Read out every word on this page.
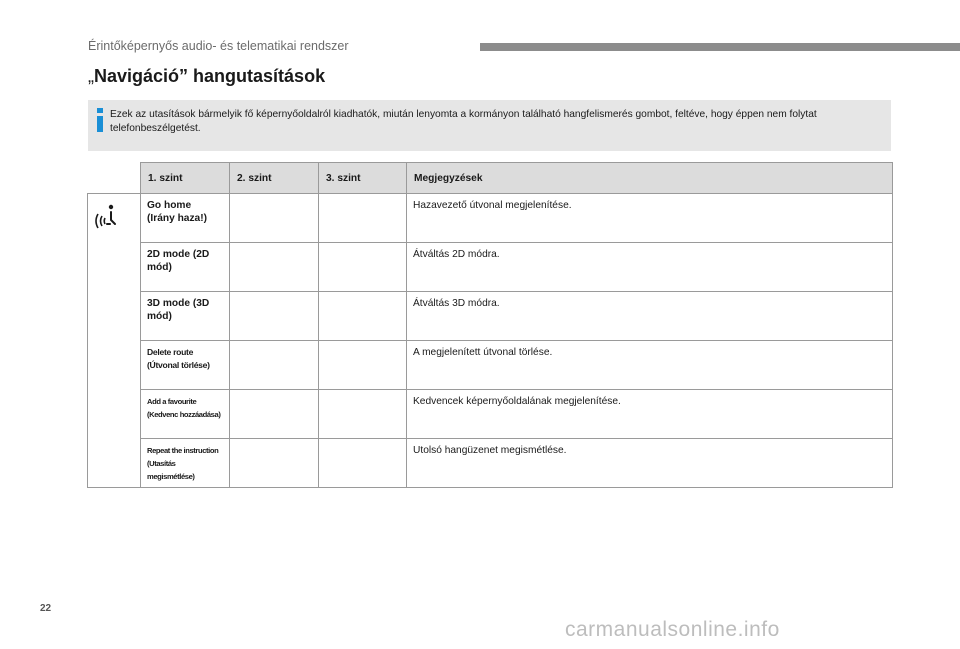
Érintőképernyős audio- és telematikai rendszer
„Navigáció” hangutasítások
Ezek az utasítások bármelyik fő képernyőoldalról kiadhatók, miután lenyomta a kormányon található hangfelismerés gombot, feltéve, hogy éppen nem folytat telefonbeszélgetést.
	1. szint	2. szint	3. szint	Megjegyzések

Go home
(Irány haza!)			Hazavezető útvonal megjelenítése.

	2D mode (2D
mód)			Átváltás 2D módra.

	3D mode (3D
mód)			Átváltás 3D módra.

	Delete route
(Útvonal törlése)			A megjelenített útvonal törlése.

	Add a favourite
(Kedvenc hozzáadása)			Kedvencek képernyőoldalának megjelenítése.

	Repeat the instruction
(Utasítás megismétlése)			Utolsó hangüzenet megismétlése.
22
carmanualsonline.info
